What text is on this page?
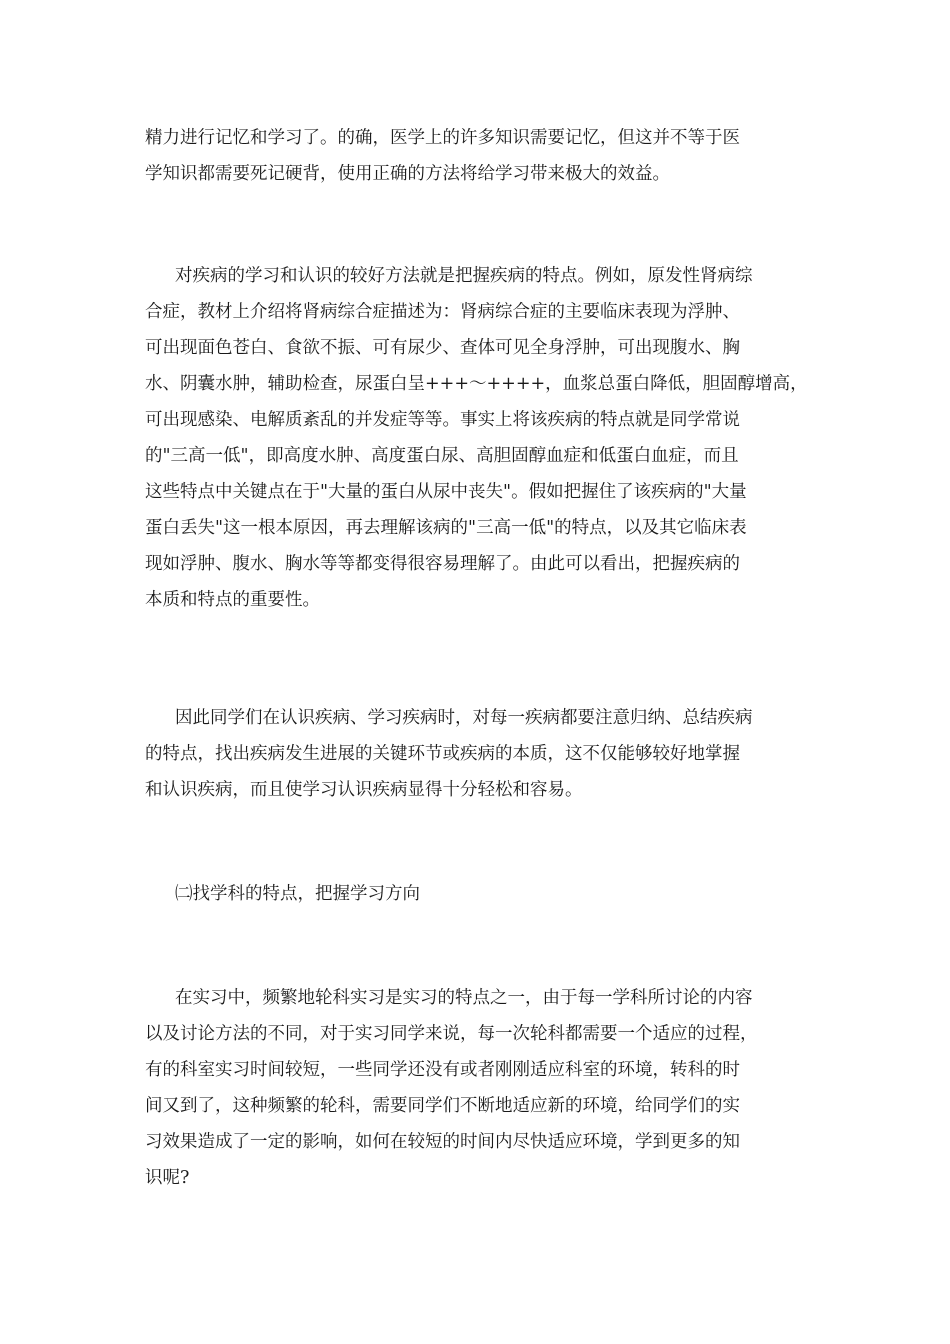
精力进行记忆和学习了。的确，医学上的许多知识需要记忆，但这并不等于医
学知识都需要死记硬背，使用正确的方法将给学习带来极大的效益。
对疾病的学习和认识的较好方法就是把握疾病的特点。例如，原发性肾病综
合症，教材上介绍将肾病综合症描述为：肾病综合症的主要临床表现为浮肿、
可出现面色苍白、食欲不振、可有尿少、查体可见全身浮肿，可出现腹水、胸
水、阴囊水肿，辅助检查，尿蛋白呈+++～++++，血浆总蛋白降低，胆固醇增高，
可出现感染、电解质紊乱的并发症等等。事实上将该疾病的特点就是同学常说
的"三高一低"，即高度水肿、高度蛋白尿、高胆固醇血症和低蛋白血症，而且
这些特点中关键点在于"大量的蛋白从尿中丧失"。假如把握住了该疾病的"大量
蛋白丢失"这一根本原因，再去理解该病的"三高一低"的特点，以及其它临床表
现如浮肿、腹水、胸水等等都变得很容易理解了。由此可以看出，把握疾病的
本质和特点的重要性。
因此同学们在认识疾病、学习疾病时，对每一疾病都要注意归纳、总结疾病
的特点，找出疾病发生进展的关键环节或疾病的本质，这不仅能够较好地掌握
和认识疾病，而且使学习认识疾病显得十分轻松和容易。
㈡找学科的特点，把握学习方向
在实习中，频繁地轮科实习是实习的特点之一，由于每一学科所讨论的内容
以及讨论方法的不同，对于实习同学来说，每一次轮科都需要一个适应的过程，
有的科室实习时间较短，一些同学还没有或者刚刚适应科室的环境，转科的时
间又到了，这种频繁的轮科，需要同学们不断地适应新的环境，给同学们的实
习效果造成了一定的影响，如何在较短的时间内尽快适应环境，学到更多的知
识呢?
